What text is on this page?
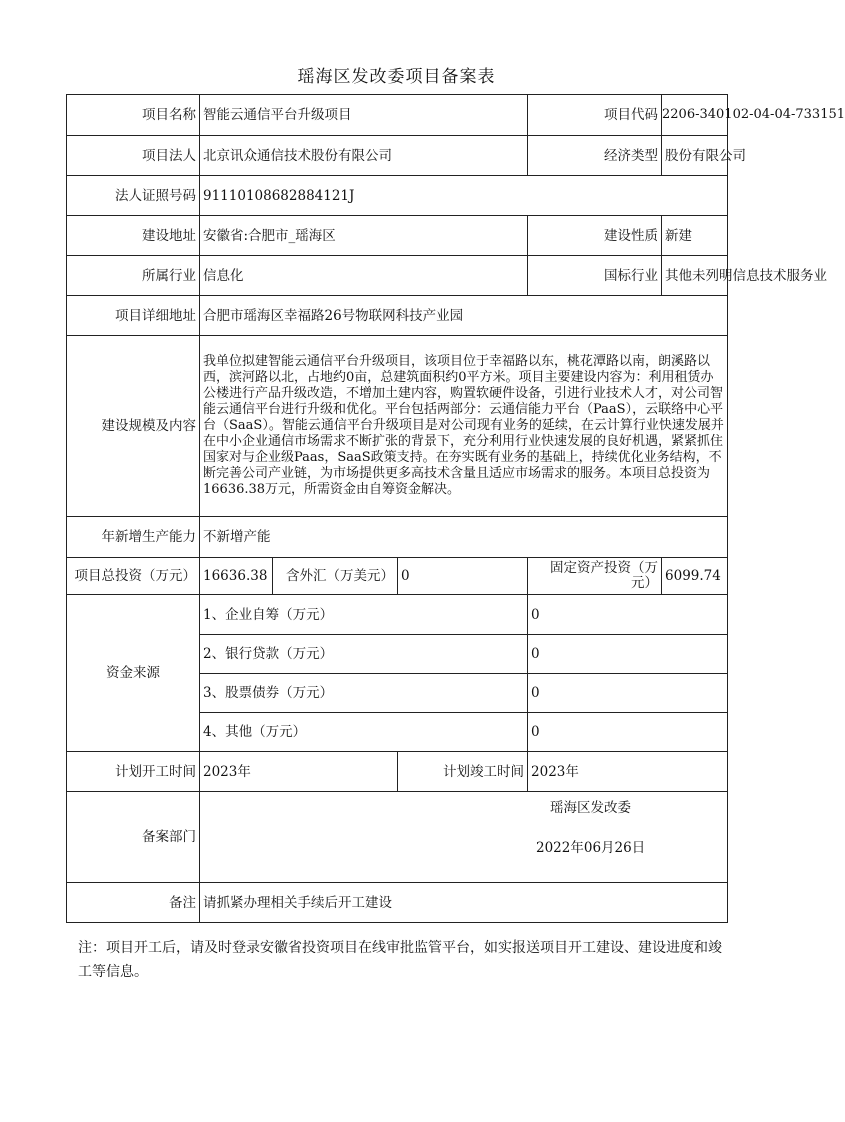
瑶海区发改委项目备案表
项目名称	智能云通信平台升级项目			项目代码	2206-340102-04-04-733151
项目法人	北京讯众通信技术股份有限公司			经济类型	股份有限公司
法人证照号码	91110108682884121J				
建设地址	安徽省:合肥市_瑶海区			建设性质	新建
所属行业	信息化			国标行业	其他未列明信息技术服务业
项目详细地址	合肥市瑶海区幸福路26号物联网科技产业园				
建设规模及内容	我单位拟建智能云通信平台升级项目，该项目位于幸福路以东，桃花潭路以南，朗溪路以西，滨河路以北，占地约0亩，总建筑面积约0平方米。项目主要建设内容为：利用租赁办公楼进行产品升级改造，不增加土建内容，购置软硬件设备，引进行业技术人才，对公司智能云通信平台进行升级和优化。平台包括两部分：云通信能力平台（PaaS），云联络中心平台（SaaS）。智能云通信平台升级项目是对公司现有业务的延续，在云计算行业快速发展并在中小企业通信市场需求不断扩张的背景下，充分利用行业快速发展的良好机遇，紧紧抓住国家对与企业级Paas，SaaS政策支持。在夯实既有业务的基础上，持续优化业务结构，不断完善公司产业链，为市场提供更多高技术含量且适应市场需求的服务。本项目总投资为16636.38万元，所需资金由自筹资金解决。				
年新增生产能力	不新增产能				
项目总投资（万元）	16636.38	含外汇（万美元）	0	固定资产投资（万元）	6099.74
资金来源	1、企业自筹（万元）			0	
	2、银行贷款（万元）			0	
	3、股票债券（万元）			0	
	4、其他（万元）			0	
计划开工时间	2023年		计划竣工时间	2023年	
备案部门	瑶海区发改委
2022年06月26日				

备注	请抓紧办理相关手续后开工建设				
注：项目开工后，请及时登录安徽省投资项目在线审批监管平台，如实报送项目开工建设、建设进度和竣工等信息。
